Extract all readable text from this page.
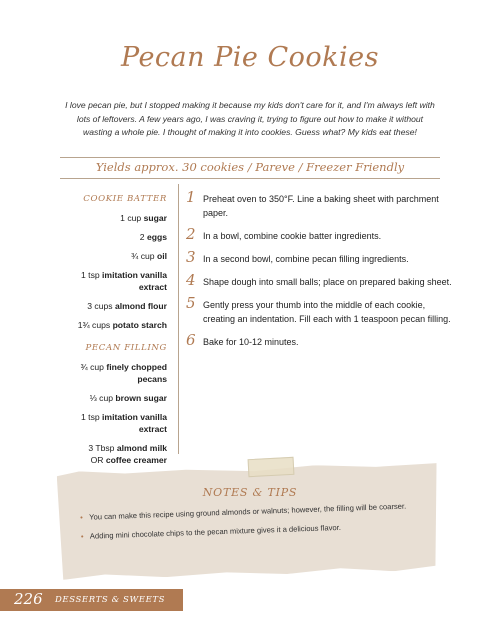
Pecan Pie Cookies
I love pecan pie, but I stopped making it because my kids don't care for it, and I'm always left with lots of leftovers. A few years ago, I was craving it, trying to figure out how to make it without wasting a whole pie. I thought of making it into cookies. Guess what? My kids eat these!
Yields approx. 30 cookies / Pareve / Freezer Friendly
COOKIE BATTER
1 cup sugar
2 eggs
¾ cup oil
1 tsp imitation vanilla extract
3 cups almond flour
1¾ cups potato starch
PECAN FILLING
¾ cup finely chopped pecans
⅓ cup brown sugar
1 tsp imitation vanilla extract
3 Tbsp almond milk
OR coffee creamer
1 Preheat oven to 350°F. Line a baking sheet with parchment paper.
2 In a bowl, combine cookie batter ingredients.
3 In a second bowl, combine pecan filling ingredients.
4 Shape dough into small balls; place on prepared baking sheet.
5 Gently press your thumb into the middle of each cookie, creating an indentation. Fill each with 1 teaspoon pecan filling.
6 Bake for 10-12 minutes.
NOTES & TIPS
• You can make this recipe using ground almonds or walnuts; however, the filling will be coarser.
• Adding mini chocolate chips to the pecan mixture gives it a delicious flavor.
226 DESSERTS & SWEETS
